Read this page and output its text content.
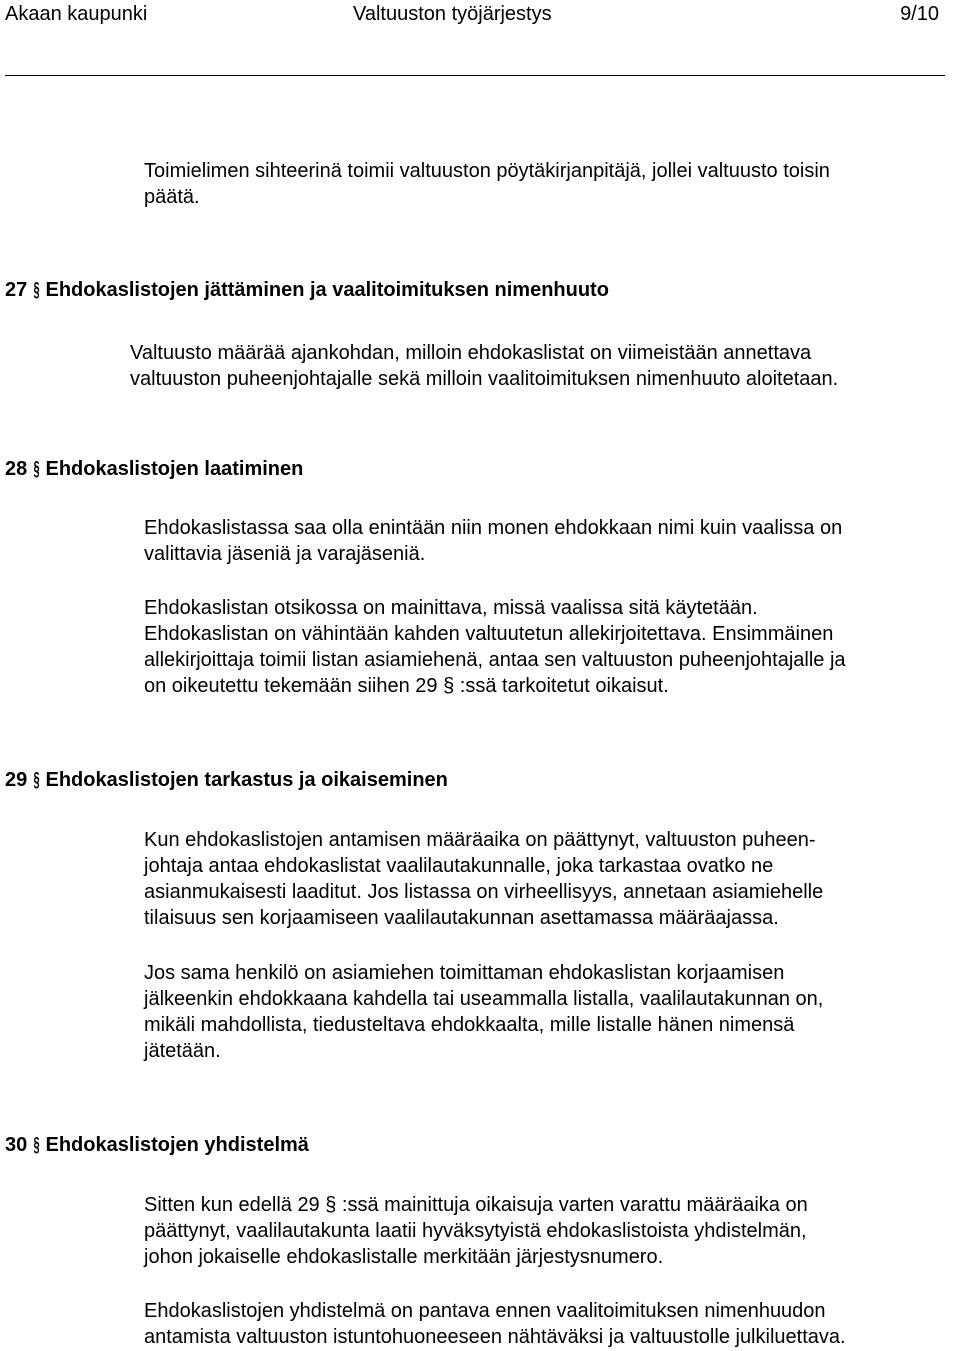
Akaan kaupunki	Valtuuston työjärjestys	9/10
Toimielimen sihteerinä toimii valtuuston pöytäkirjanpitäjä, jollei valtuusto toisin
päätä.
27 § Ehdokaslistojen jättäminen ja vaalitoimituksen nimenhuuto
Valtuusto määrää ajankohdan, milloin ehdokaslistat on viimeistään annettava
valtuuston puheenjohtajalle sekä milloin vaalitoimituksen nimenhuuto aloitetaan.
28 § Ehdokaslistojen laatiminen
Ehdokaslistassa saa olla enintään niin monen ehdokkaan nimi kuin vaalissa on
valittavia jäseniä ja varajäseniä.
Ehdokaslistan otsikossa on mainittava, missä vaalissa sitä käytetään.
Ehdokaslistan on vähintään kahden valtuutetun allekirjoitettava. Ensimmäinen
allekirjoittaja toimii listan asiamiehenä, antaa sen valtuuston puheenjohtajalle ja
on oikeutettu tekemään siihen 29 § :ssä tarkoitetut oikaisut.
29 § Ehdokaslistojen tarkastus ja oikaiseminen
Kun ehdokaslistojen antamisen määräaika on päättynyt, valtuuston puheen-
johtaja antaa ehdokaslistat vaalilautakunnalle, joka tarkastaa ovatko ne
asianmukaisesti laaditut. Jos listassa on virheellisyys, annetaan asiamiehelle
tilaisuus sen korjaamiseen vaalilautakunnan asettamassa määräajassa.
Jos sama henkilö on asiamiehen toimittaman ehdokaslistan korjaamisen
jälkeenkin ehdokkaana kahdella tai useammalla listalla, vaalilautakunnan on,
mikäli mahdollista, tiedusteltava ehdokkaalta, mille listalle hänen nimensä
jätetään.
30 § Ehdokaslistojen yhdistelmä
Sitten kun edellä 29 § :ssä mainittuja oikaisuja varten varattu määräaika on
päättynyt, vaalilautakunta laatii hyväksytyistä ehdokaslistoista yhdistelmän,
johon jokaiselle ehdokaslistalle merkitään järjestysnumero.
Ehdokaslistojen yhdistelmä on pantava ennen vaalitoimituksen nimenhuudon
antamista valtuuston istuntohuoneeseen nähtäväksi ja valtuustolle julkiluettava.
